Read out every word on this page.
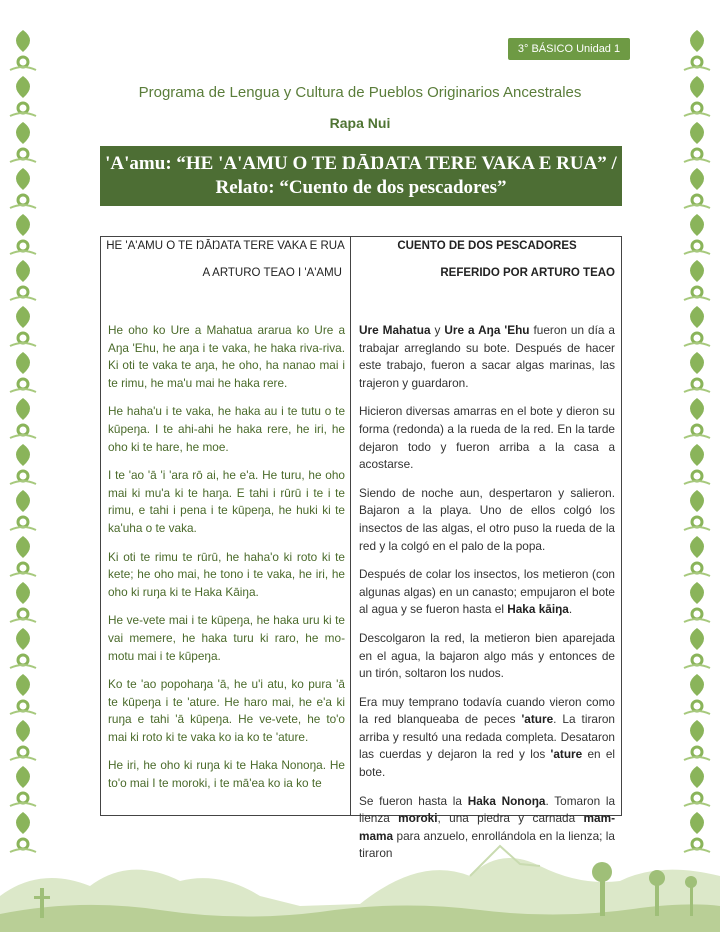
3° BÁSICO Unidad 1
Programa de Lengua y Cultura de Pueblos Originarios Ancestrales
Rapa Nui
'A'amu: “HE 'A'AMU O TE ŊĀŊATA TERE VAKA E RUA” /
Relato: “Cuento de dos pescadores”
HE 'A'AMU O TE ŊĀŊATA TERE VAKA E RUA
A ARTURO TEAO I 'A'AMU

He oho ko Ure a Mahatua ararua ko Ure a Aŋa 'Ehu, he aŋa i te vaka, he haka riva-riva. Ki oti te vaka te aŋa, he oho, ha nanao mai i te rimu, he ma'u mai he haka rere.

He haha'u i te vaka, he haka au i te tutu o te kūpeŋa. I te ahi-ahi he haka rere, he iri, he oho ki te hare, he moe.

I te 'ao 'ā 'i 'ara rō ai, he e'a. He turu, he oho mai ki mu'a ki te haŋa. E tahi i rūrū i te i te rimu, e tahi i pena i te kūpeŋa, he huki ki te ka'uha o te vaka.

Ki oti te rimu te rūrū, he haha'o ki roto ki te kete; he oho mai, he tono i te vaka, he iri, he oho ki ruŋa ki te Haka Kāiŋa.

He ve-vete mai i te kūpeŋa, he haka uru ki te vai memere, he haka turu ki raro, he mo-motu mai i te kūpeŋa.

Ko te 'ao popohaŋa 'ā, he u'i atu, ko pura 'ā te kūpeŋa i te 'ature. He haro mai, he e'a ki ruŋa e tahi 'ā kūpeŋa. He ve-vete, he to'o mai ki roto ki te vaka ko ia ko te 'ature.

He iri, he oho ki ruŋa ki te Haka Nonoŋa. He to'o mai I te moroki, i te mā'ea ko ia ko te

CUENTO DE DOS PESCADORES
REFERIDO POR ARTURO TEAO

Ure Mahatua y Ure a Aŋa 'Ehu fueron un día a trabajar arreglando su bote. Después de hacer este trabajo, fueron a sacar algas marinas, las trajeron y guardaron.

Hicieron diversas amarras en el bote y dieron su forma (redonda) a la rueda de la red. En la tarde dejaron todo y fueron arriba a la casa a acostarse.

Siendo de noche aun, despertaron y salieron. Bajaron a la playa. Uno de ellos colgó los insectos de las algas, el otro puso la rueda de la red y la colgó en el palo de la popa.

Después de colar los insectos, los metieron (con algunas algas) en un canasto; empujaron el bote al agua y se fueron hasta el Haka kāiŋa.

Descolgaron la red, la metieron bien aparejada en el agua, la bajaron algo más y entonces de un tirón, soltaron los nudos.

Era muy temprano todavía cuando vieron como la red blanqueaba de peces 'ature. La tiraron arriba y resultó una redada completa. Desataron las cuerdas y dejaron la red y los 'ature en el bote.

Se fueron hasta la Haka Nonoŋa. Tomaron la lienza moroki, una piedra y carnada mam-mama para anzuelo, enrollándola en la lienza; la tiraron
